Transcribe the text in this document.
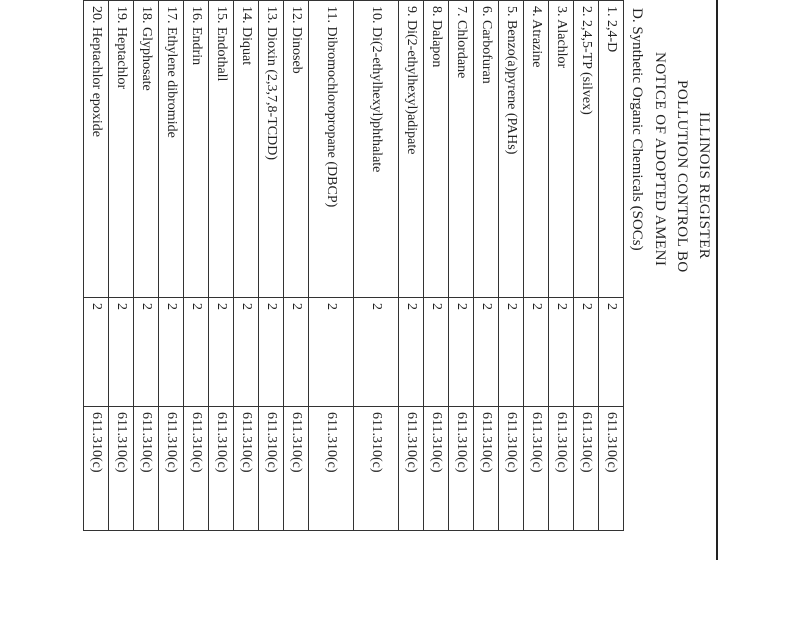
ILLINOIS REGISTER
POLLUTION CONTROL BO
NOTICE OF ADOPTED AMENI
D. Synthetic Organic Chemicals (SOCs)
1. 2,4-D	2	611.310(c)
2. 2,4,5-TP (silvex)	2	611.310(c)
3. Alachlor	2	611.310(c)
4. Atrazine	2	611.310(c)
5. Benzo(a)pyrene (PAHs)	2	611.310(c)
6. Carbofuran	2	611.310(c)
7. Chlordane	2	611.310(c)
8. Dalapon	2	611.310(c)
9. Di(2-ethylhexyl)adipate	2	611.310(c)
10. Di(2-ethylhexyl)phthalate	2	611.310(c)
11. Dibromochloropropane (DBCP)	2	611.310(c)
12. Dinoseb	2	611.310(c)
13. Dioxin (2,3,7,8-TCDD)	2	611.310(c)
14. Diquat	2	611.310(c)
15. Endothall	2	611.310(c)
16. Endrin	2	611.310(c)
17. Ethylene dibromide	2	611.310(c)
18. Glyphosate	2	611.310(c)
19. Heptachlor	2	611.310(c)
20. Heptachlor epoxide	2	611.310(c)
